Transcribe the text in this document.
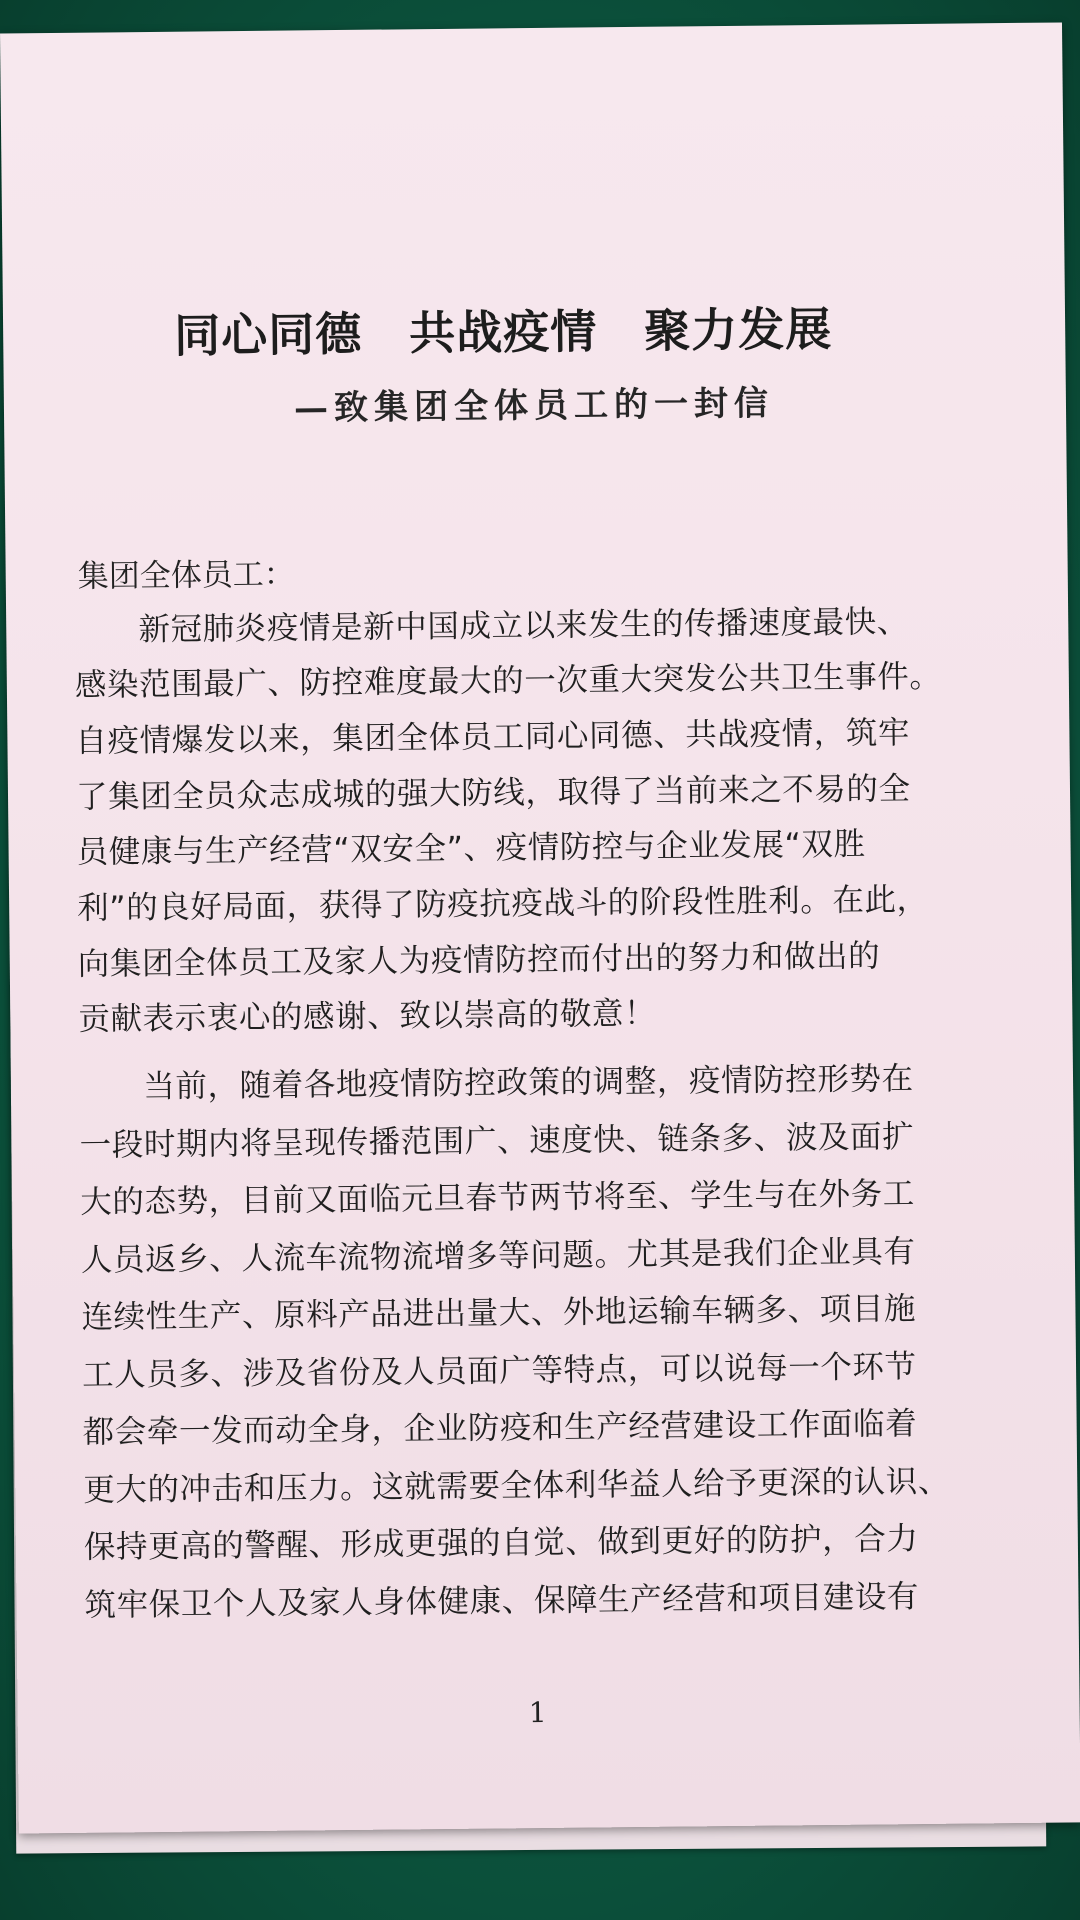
同心同德　共战疫情　聚力发展
—致集团全体员工的一封信
集团全体员工：
　　新冠肺炎疫情是新中国成立以来发生的传播速度最快、
感染范围最广、防控难度最大的一次重大突发公共卫生事件。
自疫情爆发以来，集团全体员工同心同德、共战疫情，筑牢
了集团全员众志成城的强大防线，取得了当前来之不易的全
员健康与生产经营“双安全”、疫情防控与企业发展“双胜
利”的良好局面，获得了防疫抗疫战斗的阶段性胜利。在此，
向集团全体员工及家人为疫情防控而付出的努力和做出的
贡献表示衷心的感谢、致以崇高的敬意！
　　当前，随着各地疫情防控政策的调整，疫情防控形势在
一段时期内将呈现传播范围广、速度快、链条多、波及面扩
大的态势，目前又面临元旦春节两节将至、学生与在外务工
人员返乡、人流车流物流增多等问题。尤其是我们企业具有
连续性生产、原料产品进出量大、外地运输车辆多、项目施
工人员多、涉及省份及人员面广等特点，可以说每一个环节
都会牵一发而动全身，企业防疫和生产经营建设工作面临着
更大的冲击和压力。这就需要全体利华益人给予更深的认识、
保持更高的警醒、形成更强的自觉、做到更好的防护，合力
筑牢保卫个人及家人身体健康、保障生产经营和项目建设有
1
